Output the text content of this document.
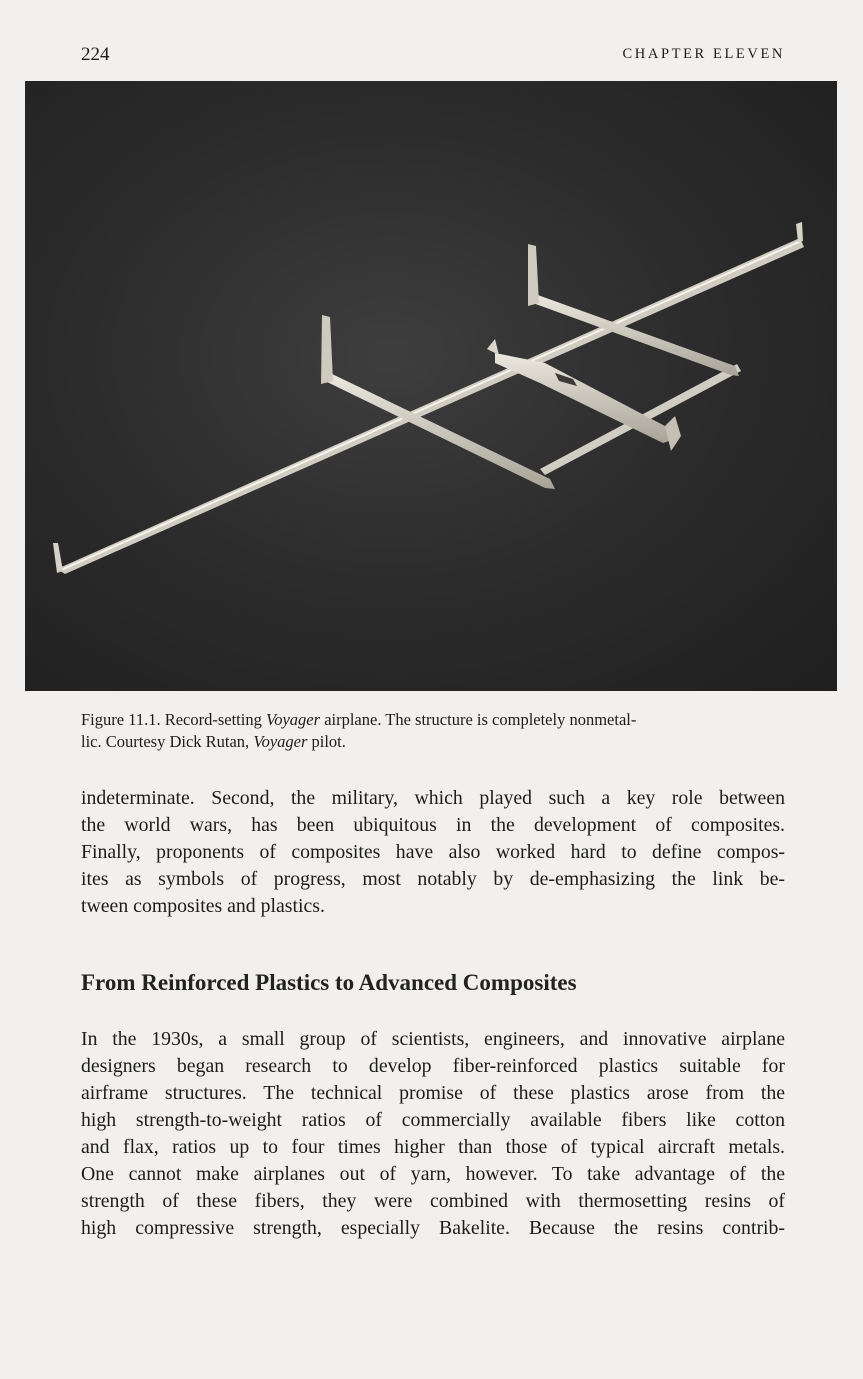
224	CHAPTER ELEVEN

Figure 11.1. Record-setting Voyager airplane. The structure is completely nonmetal-
lic. Courtesy Dick Rutan, Voyager pilot.

indeterminate. Second, the military, which played such a key role between
the world wars, has been ubiquitous in the development of composites.
Finally, proponents of composites have also worked hard to define compos-
ites as symbols of progress, most notably by de-emphasizing the link be-
tween composites and plastics.

From Reinforced Plastics to Advanced Composites

In the 1930s, a small group of scientists, engineers, and innovative airplane
designers began research to develop fiber-reinforced plastics suitable for
airframe structures. The technical promise of these plastics arose from the
high strength-to-weight ratios of commercially available fibers like cotton
and flax, ratios up to four times higher than those of typical aircraft metals.
One cannot make airplanes out of yarn, however. To take advantage of the
strength of these fibers, they were combined with thermosetting resins of
high compressive strength, especially Bakelite. Because the resins contrib-
